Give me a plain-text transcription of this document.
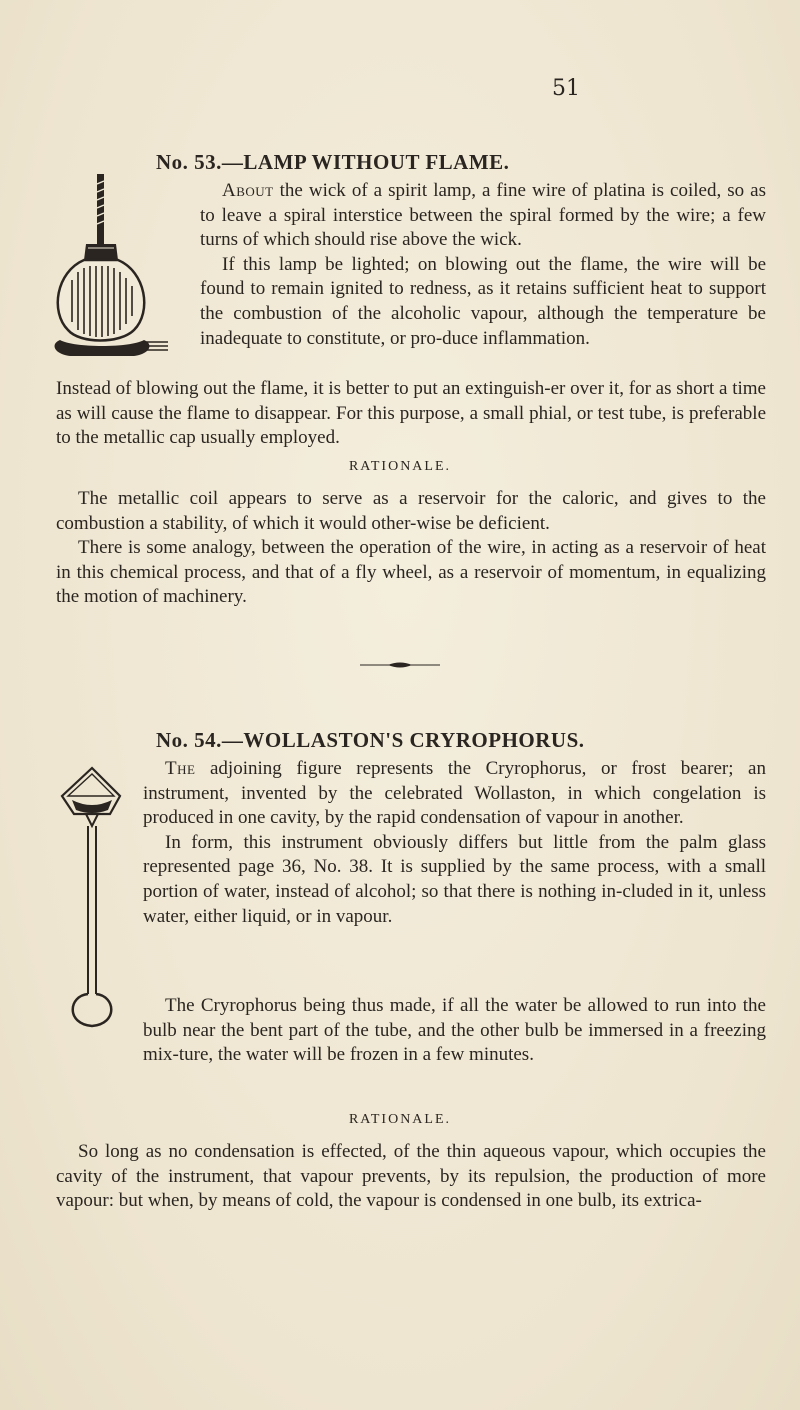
51
No. 53.—LAMP WITHOUT FLAME.

About the wick of a spirit lamp, a fine wire of platina is coiled, so as to leave a spiral interstice between the spiral formed by the wire; a few turns of which should rise above the wick.

If this lamp be lighted; on blowing out the flame, the wire will be found to remain ignited to redness, as it retains sufficient heat to support the combustion of the alcoholic vapour, although the temperature be inadequate to constitute, or pro-duce inflammation.

Instead of blowing out the flame, it is better to put an extinguish-er over it, for as short a time as will cause the flame to disappear. For this purpose, a small phial, or test tube, is preferable to the metallic cap usually employed.

RATIONALE.

The metallic coil appears to serve as a reservoir for the caloric, and gives to the combustion a stability, of which it would other-wise be deficient.

There is some analogy, between the operation of the wire, in acting as a reservoir of heat in this chemical process, and that of a fly wheel, as a reservoir of momentum, in equalizing the motion of machinery.

No. 54.—WOLLASTON'S CRYROPHORUS.

The adjoining figure represents the Cryrophorus, or frost bearer; an instrument, invented by the celebrated Wollaston, in which congelation is produced in one cavity, by the rapid condensation of vapour in another.

In form, this instrument obviously differs but little from the palm glass represented page 36, No. 38. It is supplied by the same process, with a small portion of water, instead of alcohol; so that there is nothing in-cluded in it, unless water, either liquid, or in vapour.

The Cryrophorus being thus made, if all the water be allowed to run into the bulb near the bent part of the tube, and the other bulb be immersed in a freezing mix-ture, the water will be frozen in a few minutes.

RATIONALE.

So long as no condensation is effected, of the thin aqueous vapour, which occupies the cavity of the instrument, that vapour prevents, by its repulsion, the production of more vapour: but when, by means of cold, the vapour is condensed in one bulb, its extrica-
